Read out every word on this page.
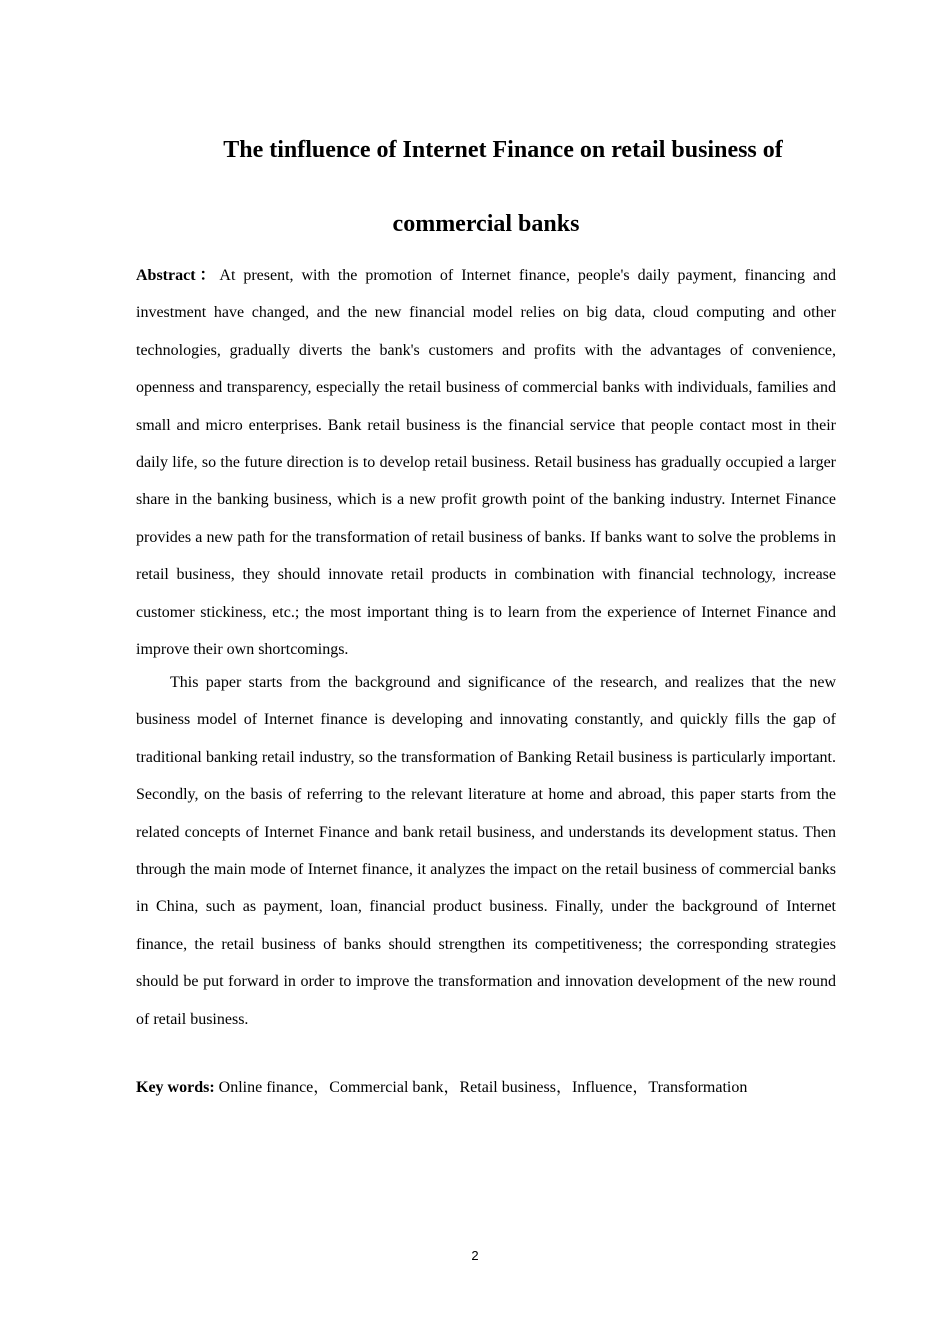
The tinfluence of Internet Finance on retail business of
commercial banks

Abstract：At present, with the promotion of Internet finance, people's daily payment, financing and investment have changed, and the new financial model relies on big data, cloud computing and other technologies, gradually diverts the bank's customers and profits with the advantages of convenience, openness and transparency, especially the retail business of commercial banks with individuals, families and small and micro enterprises. Bank retail business is the financial service that people contact most in their daily life, so the future direction is to develop retail business. Retail business has gradually occupied a larger share in the banking business, which is a new profit growth point of the banking industry. Internet Finance provides a new path for the transformation of retail business of banks. If banks want to solve the problems in retail business, they should innovate retail products in combination with financial technology, increase customer stickiness, etc.; the most important thing is to learn from the experience of Internet Finance and improve their own shortcomings.

This paper starts from the background and significance of the research, and realizes that the new business model of Internet finance is developing and innovating constantly, and quickly fills the gap of traditional banking retail industry, so the transformation of Banking Retail business is particularly important. Secondly, on the basis of referring to the relevant literature at home and abroad, this paper starts from the related concepts of Internet Finance and bank retail business, and understands its development status. Then through the main mode of Internet finance, it analyzes the impact on the retail business of commercial banks in China, such as payment, loan, financial product business. Finally, under the background of Internet finance, the retail business of banks should strengthen its competitiveness; the corresponding strategies should be put forward in order to improve the transformation and innovation development of the new round of retail business.

Key words: Online finance，Commercial bank，Retail business，Influence，Transformation

2
